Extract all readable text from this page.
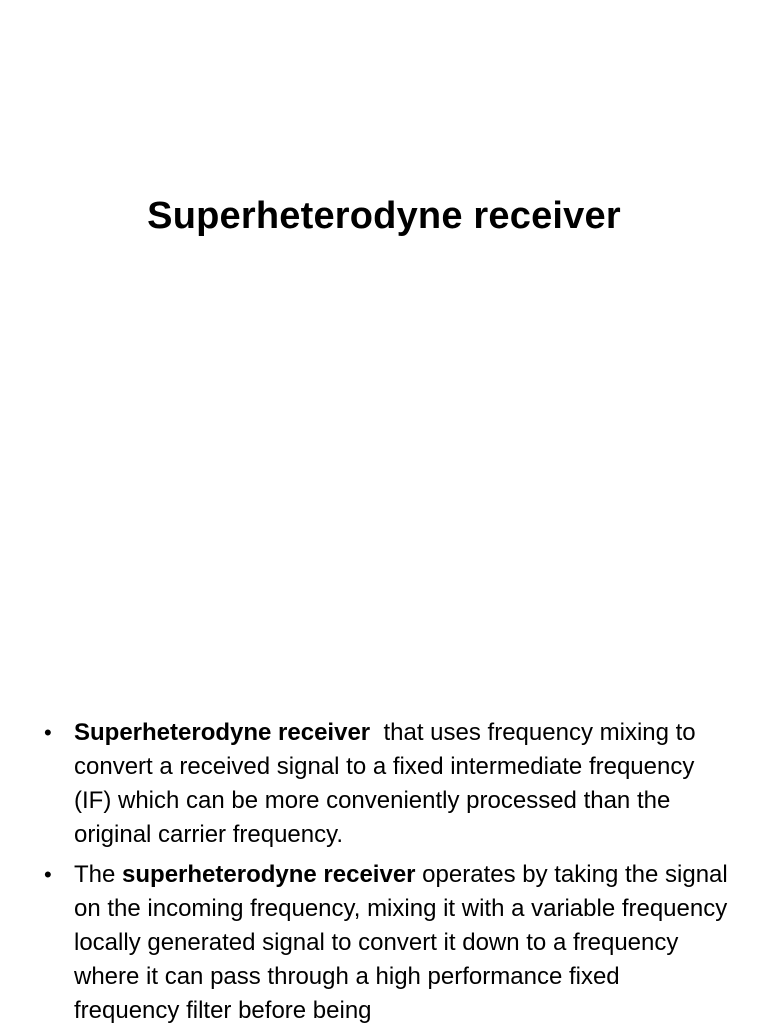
Superheterodyne receiver
• Superheterodyne receiver that uses frequency mixing to convert a received signal to a fixed intermediate frequency (IF) which can be more conveniently processed than the original carrier frequency.
• The superheterodyne receiver operates by taking the signal on the incoming frequency, mixing it with a variable frequency locally generated signal to convert it down to a frequency where it can pass through a high performance fixed frequency filter before being
